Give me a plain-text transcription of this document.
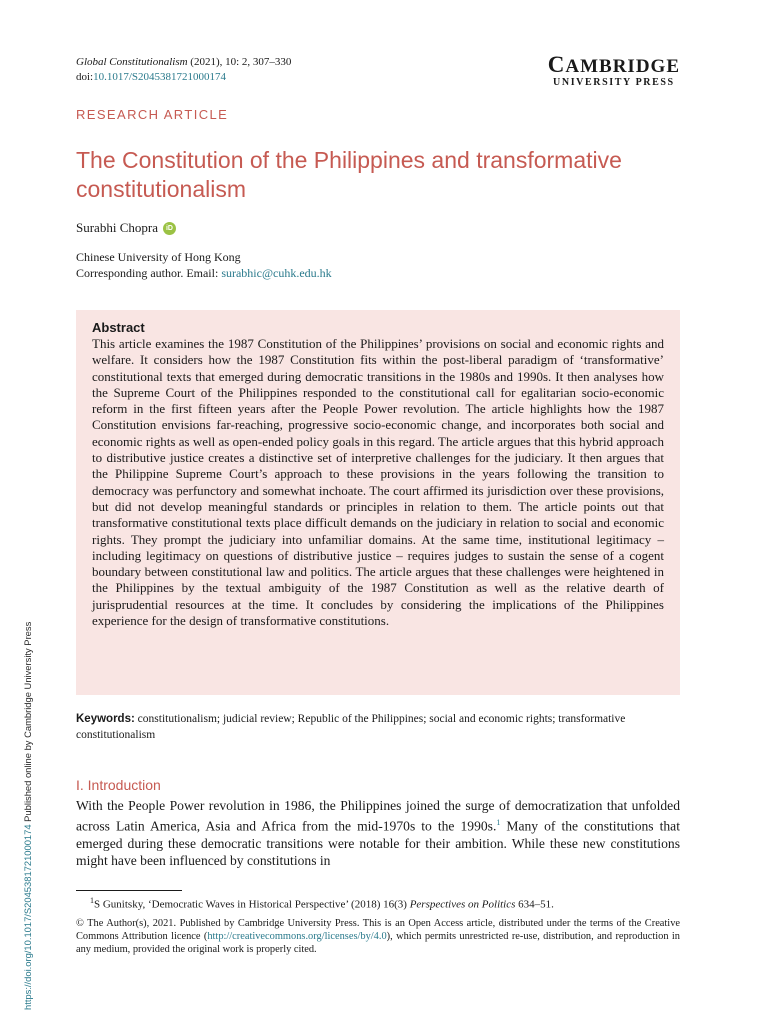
Global Constitutionalism (2021), 10: 2, 307–330
doi:10.1017/S2045381721000174	CAMBRIDGE
UNIVERSITY PRESS
RESEARCH ARTICLE
The Constitution of the Philippines and transformative constitutionalism
Surabhi Chopra	iD
Chinese University of Hong Kong
Corresponding author. Email: surabhic@cuhk.edu.hk
Abstract

This article examines the 1987 Constitution of the Philippines’ provisions on social and economic rights and welfare. It considers how the 1987 Constitution fits within the post-liberal paradigm of ‘transformative’ constitutional texts that emerged during democratic transitions in the 1980s and 1990s. It then analyses how the Supreme Court of the Philippines responded to the constitutional call for egalitarian socio-economic reform in the first fifteen years after the People Power revolution. The article highlights how the 1987 Constitution envisions far-reaching, progressive socio-economic change, and incorporates both social and economic rights as well as open-ended policy goals in this regard. The article argues that this hybrid approach to distributive justice creates a distinctive set of interpretive challenges for the judiciary. It then argues that the Philippine Supreme Court’s approach to these provisions in the years following the transition to democracy was perfunctory and somewhat inchoate. The court affirmed its jurisdiction over these provisions, but did not develop meaningful standards or principles in relation to them. The article points out that transformative constitutional texts place difficult demands on the judiciary in relation to social and economic rights. They prompt the judiciary into unfamiliar domains. At the same time, institutional legitimacy – including legitimacy on questions of distributive justice – requires judges to sustain the sense of a cogent boundary between constitutional law and politics. The article argues that these challenges were heightened in the Philippines by the textual ambiguity of the 1987 Constitution as well as the relative dearth of jurisprudential resources at the time. It concludes by considering the implications of the Philippines experience for the design of transformative constitutions.

Keywords: constitutionalism; judicial review; Republic of the Philippines; social and economic rights; transformative constitutionalism
I. Introduction

With the People Power revolution in 1986, the Philippines joined the surge of democratization that unfolded across Latin America, Asia and Africa from the mid-1970s to the 1990s.$^1$ Many of the constitutions that emerged during these democratic transitions were notable for their ambition. While these new constitutions might have been influenced by constitutions in

$^1$S Gunitsky, ‘Democratic Waves in Historical Perspective’ (2018) 16(3) Perspectives on Politics 634–51.
© The Author(s), 2021. Published by Cambridge University Press. This is an Open Access article, distributed under the terms of the Creative Commons Attribution licence (http://creativecommons.org/licenses/by/4.0), which permits unrestricted re-use, distribution, and reproduction in any medium, provided the original work is properly cited.
https://doi.org/10.1017/S2045381721000174 Published online by Cambridge University Press
